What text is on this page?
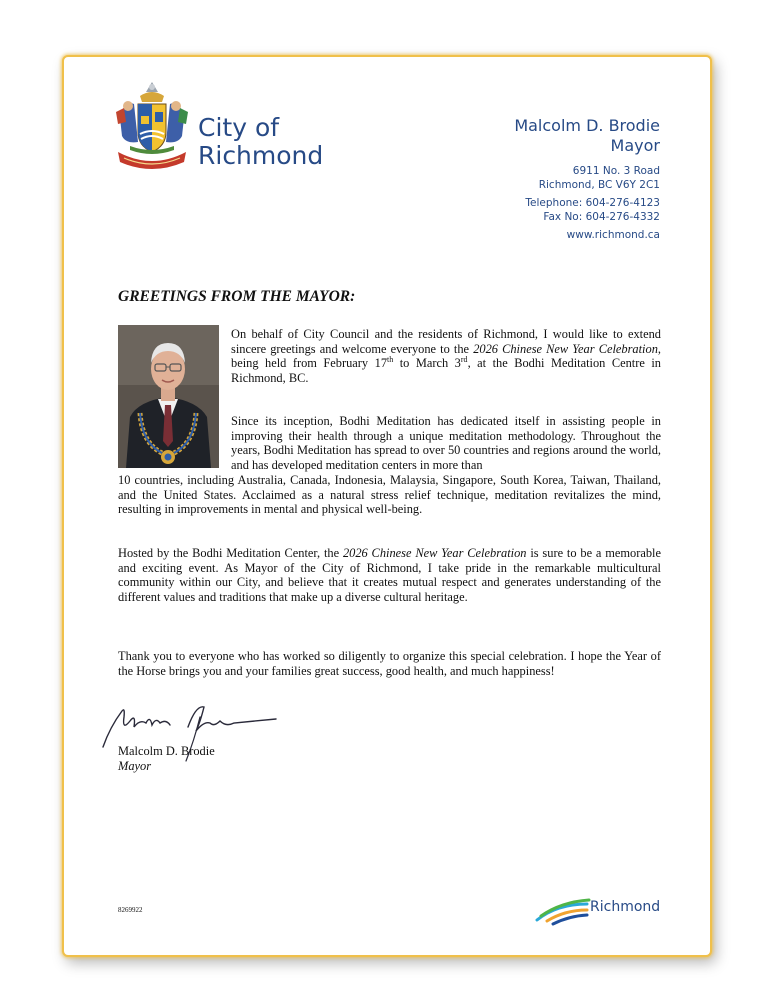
City of
Richmond
Malcolm D. Brodie
Mayor
6911 No. 3 Road
Richmond, BC V6Y 2C1
Telephone: 604-276-4123
Fax No: 604-276-4332
www.richmond.ca
GREETINGS FROM THE MAYOR:

On behalf of City Council and the residents of Richmond, I would like to extend sincere greetings and welcome everyone to the 2026 Chinese New Year Celebration, being held from February 17th to March 3rd, at the Bodhi Meditation Centre in Richmond, BC.

Since its inception, Bodhi Meditation has dedicated itself in assisting people in improving their health through a unique meditation methodology. Throughout the years, Bodhi Meditation has spread to over 50 countries and regions around the world, and has developed meditation centers in more than

10 countries, including Australia, Canada, Indonesia, Malaysia, Singapore, South Korea, Taiwan, Thailand, and the United States. Acclaimed as a natural stress relief technique, meditation revitalizes the mind, resulting in improvements in mental and physical well-being.

Hosted by the Bodhi Meditation Center, the 2026 Chinese New Year Celebration is sure to be a memorable and exciting event. As Mayor of the City of Richmond, I take pride in the remarkable multicultural community within our City, and believe that it creates mutual respect and generates understanding of the different values and traditions that make up a diverse cultural heritage.

Thank you to everyone who has worked so diligently to organize this special celebration. I hope the Year of the Horse brings you and your families great success, good health, and much happiness!

Malcolm D. Brodie
Mayor
8269922	Richmond
